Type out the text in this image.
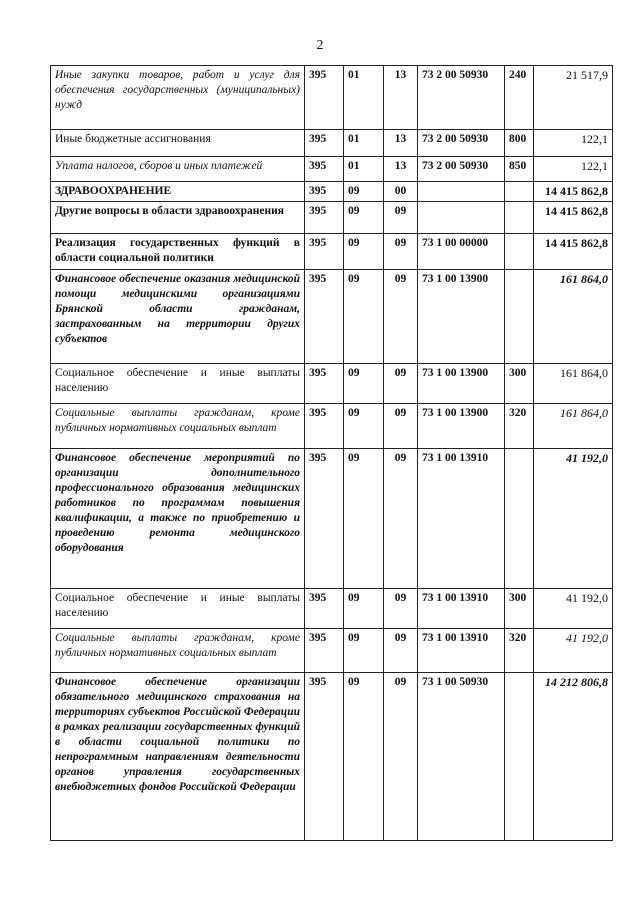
2
Иные закупки товаров, работ и услуг для обеспечения государственных (муниципальных) нужд	395	01	13	73 2 00 50930	240	21 517,9
Иные бюджетные ассигнования	395	01	13	73 2 00 50930	800	122,1
Уплата налогов, сборов и иных платежей	395	01	13	73 2 00 50930	850	122,1
ЗДРАВООХРАНЕНИЕ	395	09	00			14 415 862,8
Другие вопросы в области здравоохранения	395	09	09			14 415 862,8
Реализация государственных функций в области социальной политики	395	09	09	73 1 00 00000		14 415 862,8
Финансовое обеспечение оказания медицинской помощи медицинскими организациями Брянской области гражданам, застрахованным на территории других субъектов	395	09	09	73 1 00 13900		161 864,0
Социальное обеспечение и иные выплаты населению	395	09	09	73 1 00 13900	300	161 864,0
Социальные выплаты гражданам, кроме публичных нормативных социальных выплат	395	09	09	73 1 00 13900	320	161 864,0
Финансовое обеспечение мероприятий по организации дополнительного профессионального образования медицинских работников по программам повышения квалификации, а также по приобретению и проведению ремонта медицинского оборудования	395	09	09	73 1 00 13910		41 192,0
Социальное обеспечение и иные выплаты населению	395	09	09	73 1 00 13910	300	41 192,0
Социальные выплаты гражданам, кроме публичных нормативных социальных выплат	395	09	09	73 1 00 13910	320	41 192,0
Финансовое обеспечение организации обязательного медицинского страхования на территориях субъектов Российской Федерации в рамках реализации государственных функций в области социальной политики по непрограммным направлениям деятельности органов управления государственных внебюджетных фондов Российской Федерации	395	09	09	73 1 00 50930		14 212 806,8
